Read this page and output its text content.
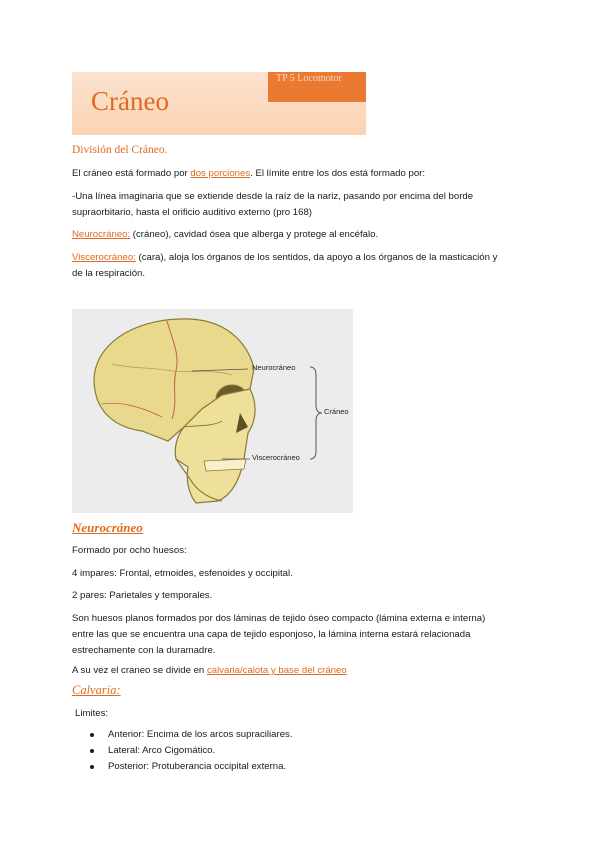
TP 5 Locomotor
Cráneo
División del Cráneo.
El cráneo está formado por dos porciones. El límite entre los dos está formado por:
-Una línea imaginaria que se extiende desde la raíz de la nariz, pasando por encima del borde
supraorbitario, hasta el orificio auditivo externo (pro 168)
Neurocráneo: (cráneo), cavidad ósea que alberga y protege al encéfalo.
Viscerocráneo: (cara), aloja los órganos de los sentidos, da apoyo a los órganos de la masticación y
de la respiración.
Neurocráneo
Cráneo
Viscerocráneo
Neurocráneo
Formado por ocho huesos:
4 impares: Frontal, etmoides, esfenoides y occipital.
2 pares: Parietales y temporales.
Son huesos planos formados por dos láminas de tejido óseo compacto (lámina externa e interna)
entre las que se encuentra una capa de tejido esponjoso, la lámina interna estará relacionada
estrechamente con la duramadre.
A su vez el craneo se divide en calvaria/calota y base del cráneo
Calvaria:
Limites:
Anterior: Encima de los arcos supraciliares.
Lateral: Arco Cigomático.
Posterior: Protuberancia occipital externa.
